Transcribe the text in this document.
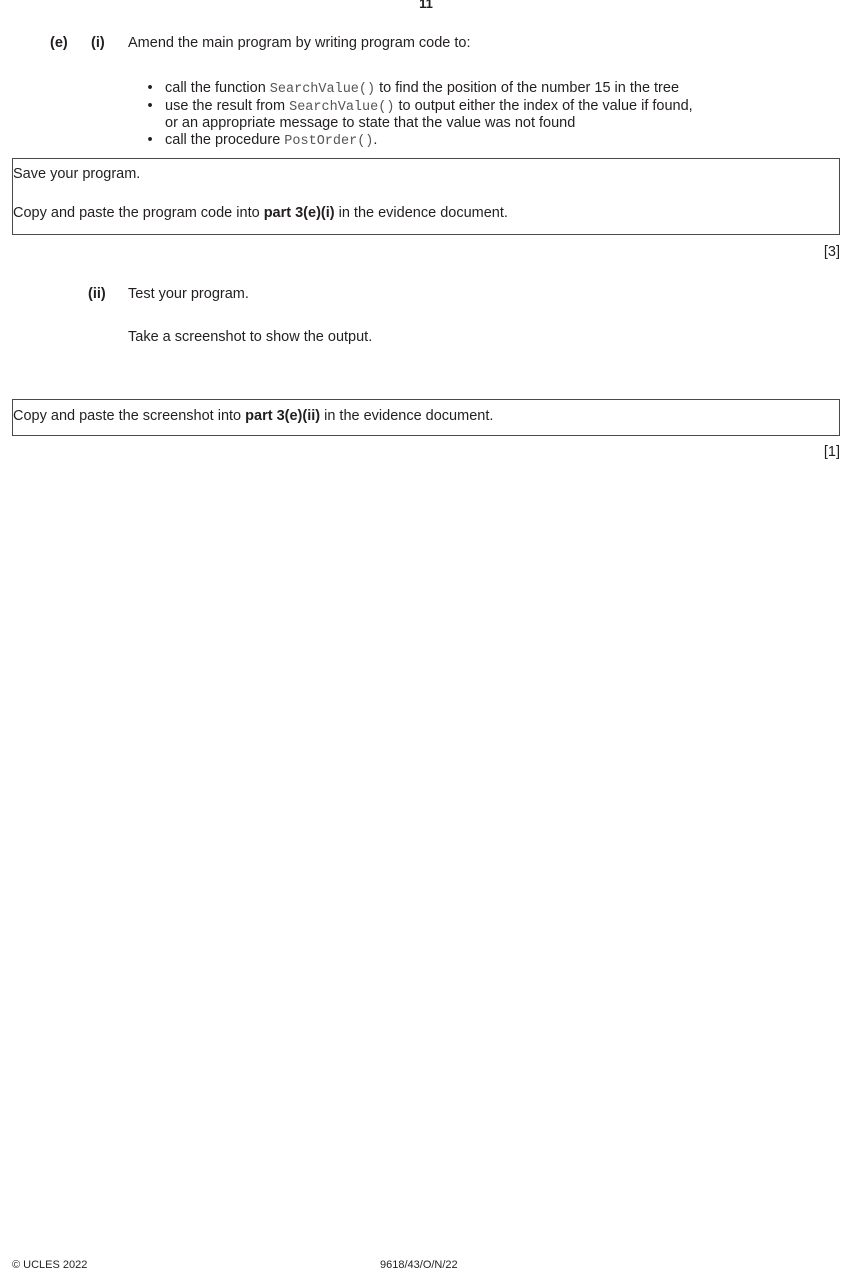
11
(e) (i) Amend the main program by writing program code to:
• call the function SearchValue() to find the position of the number 15 in the tree
• use the result from SearchValue() to output either the index of the value if found,
or an appropriate message to state that the value was not found
• call the procedure PostOrder().
Save your program.
Copy and paste the program code into part 3(e)(i) in the evidence document.
[3]
(ii) Test your program.
Take a screenshot to show the output.
Copy and paste the screenshot into part 3(e)(ii) in the evidence document.
[1]
© UCLES 2022	9618/43/O/N/22
